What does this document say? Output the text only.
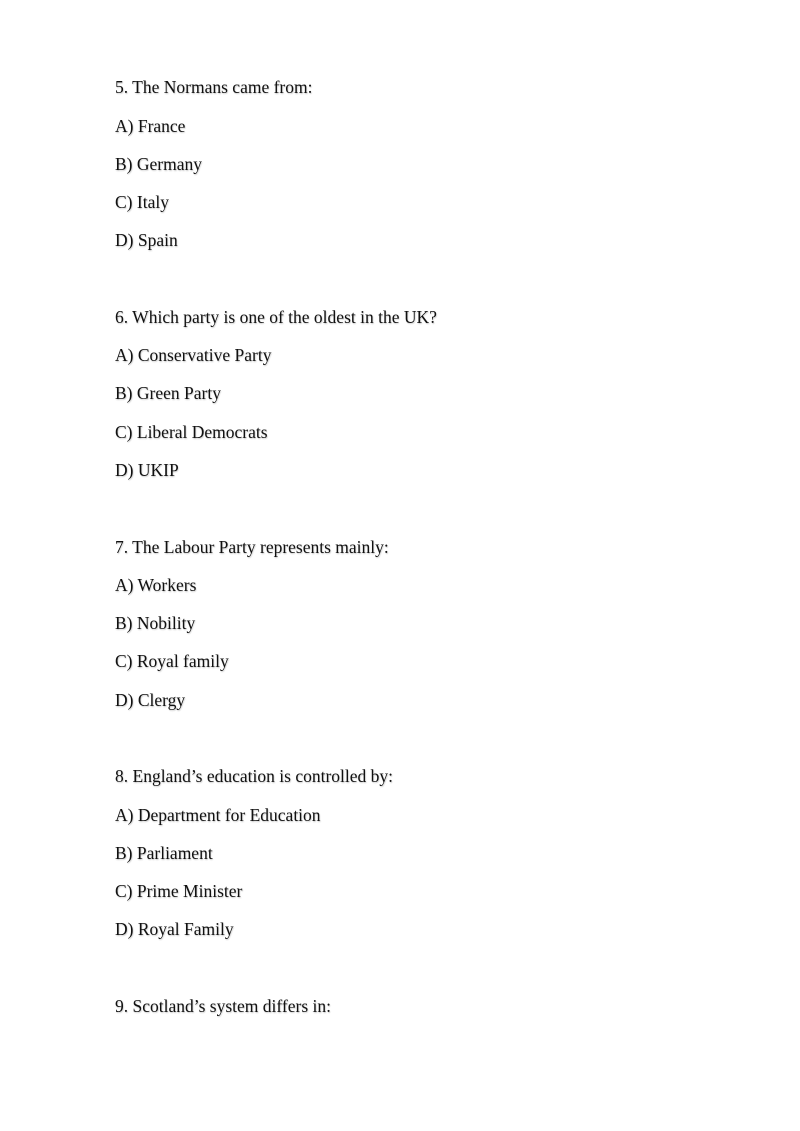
5. The Normans came from:
A) France
B) Germany
C) Italy
D) Spain
6. Which party is one of the oldest in the UK?
A) Conservative Party
B) Green Party
C) Liberal Democrats
D) UKIP
7. The Labour Party represents mainly:
A) Workers
B) Nobility
C) Royal family
D) Clergy
8. England’s education is controlled by:
A) Department for Education
B) Parliament
C) Prime Minister
D) Royal Family
9. Scotland’s system differs in:
